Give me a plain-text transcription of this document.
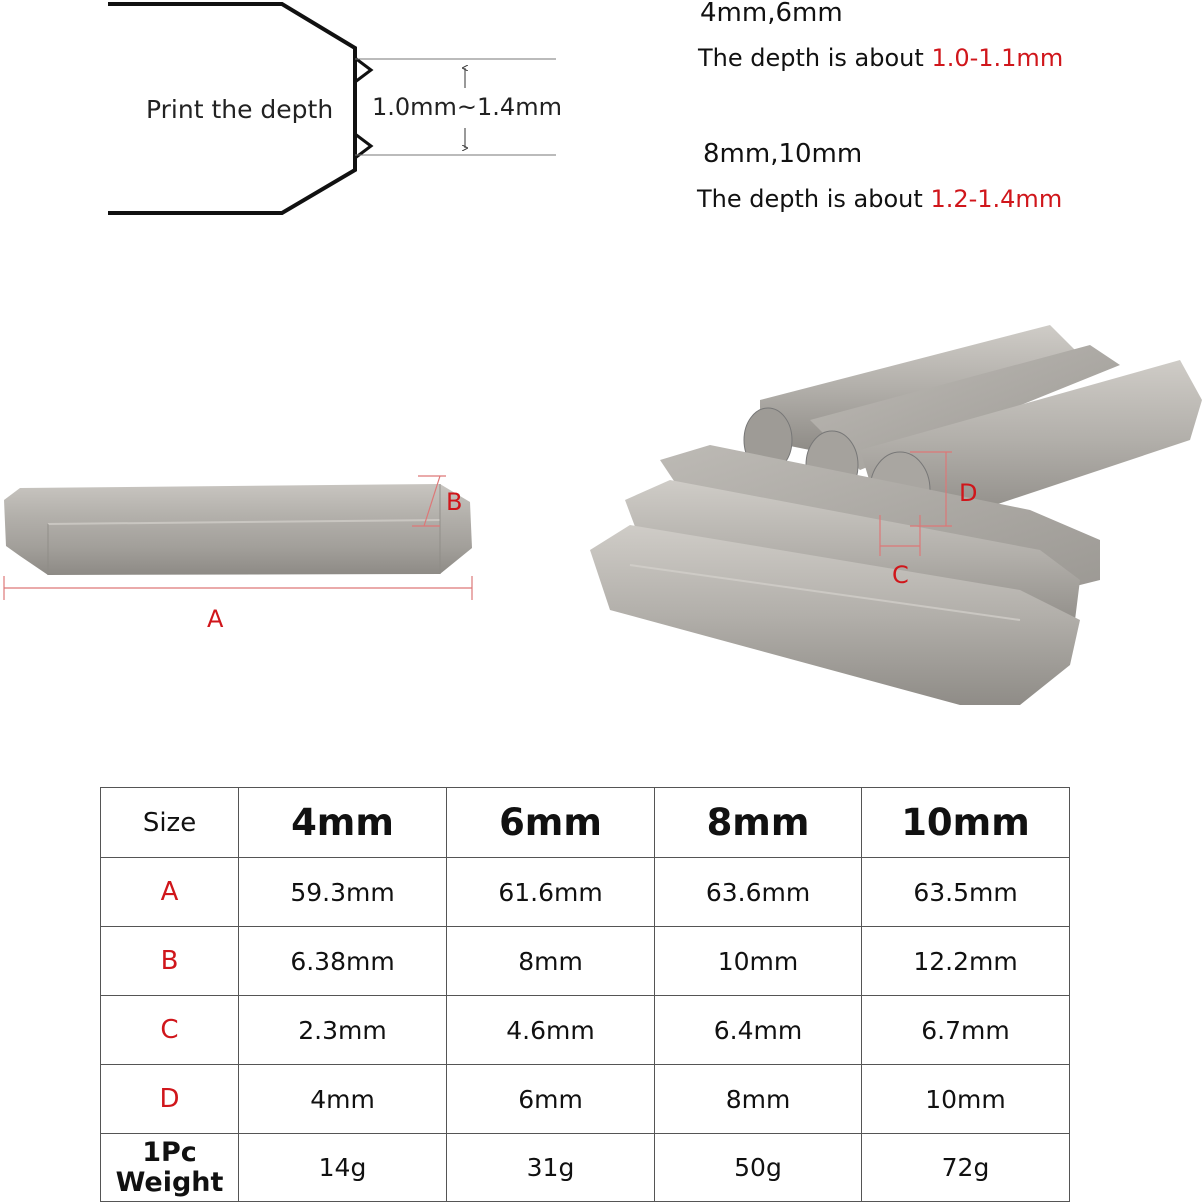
Print the depth 1.0mm~1.4mm
4mm,6mm
The depth is about 1.0-1.1mm
8mm,10mm
The depth is about 1.2-1.4mm
A
B
C
D
Size	4mm	6mm	8mm	10mm
A	59.3mm	61.6mm	63.6mm	63.5mm
B	6.38mm	8mm	10mm	12.2mm
C	2.3mm	4.6mm	6.4mm	6.7mm
D	4mm	6mm	8mm	10mm

1Pc
Weight	14g	31g	50g	72g
